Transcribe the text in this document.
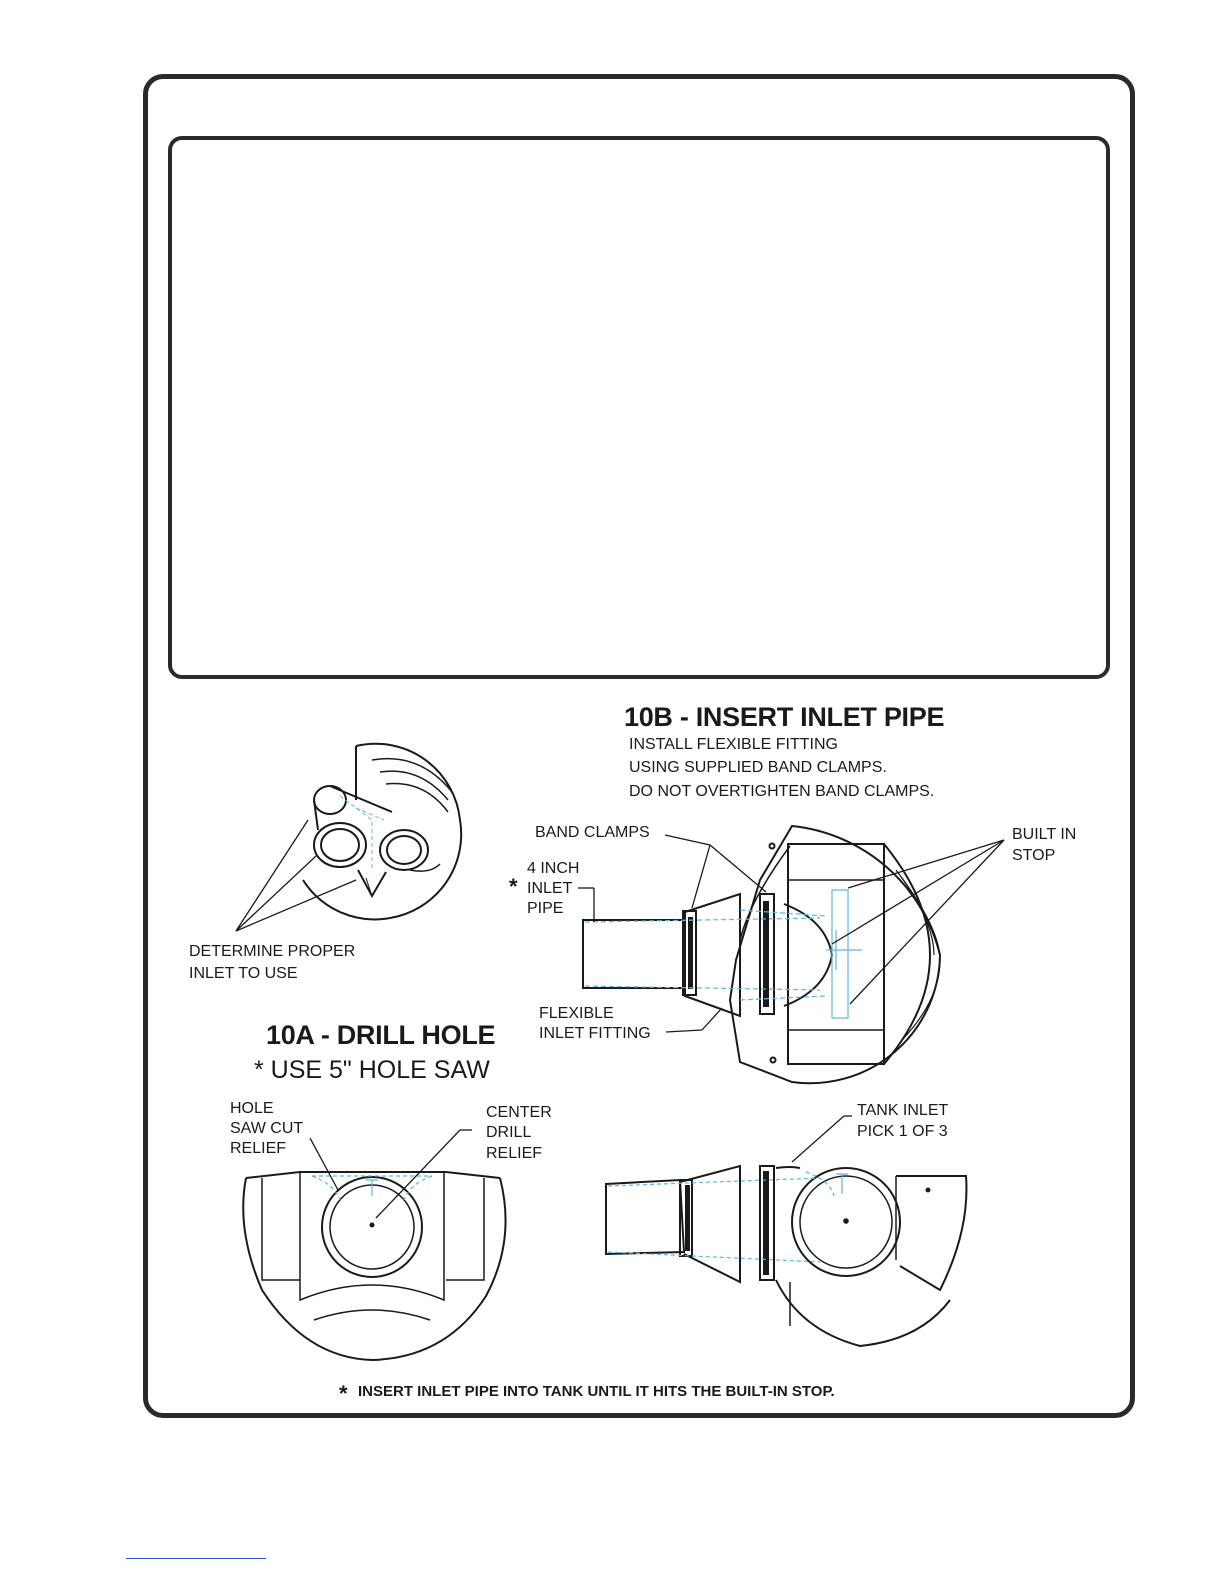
10B - INSERT INLET PIPE
INSTALL FLEXIBLE FITTING
USING SUPPLIED BAND CLAMPS.
DO NOT OVERTIGHTEN BAND CLAMPS.
BAND CLAMPS	BUILT IN
STOP
4 INCH
* INLET
PIPE
DETERMINE PROPER
INLET TO USE
FLEXIBLE
INLET FITTING
10A - DRILL HOLE
* USE 5" HOLE SAW
HOLE
SAW CUT
RELIEF
CENTER
DRILL
RELIEF
TANK INLET
PICK 1 OF 3
* INSERT INLET PIPE INTO TANK UNTIL IT HITS THE BUILT-IN STOP.
